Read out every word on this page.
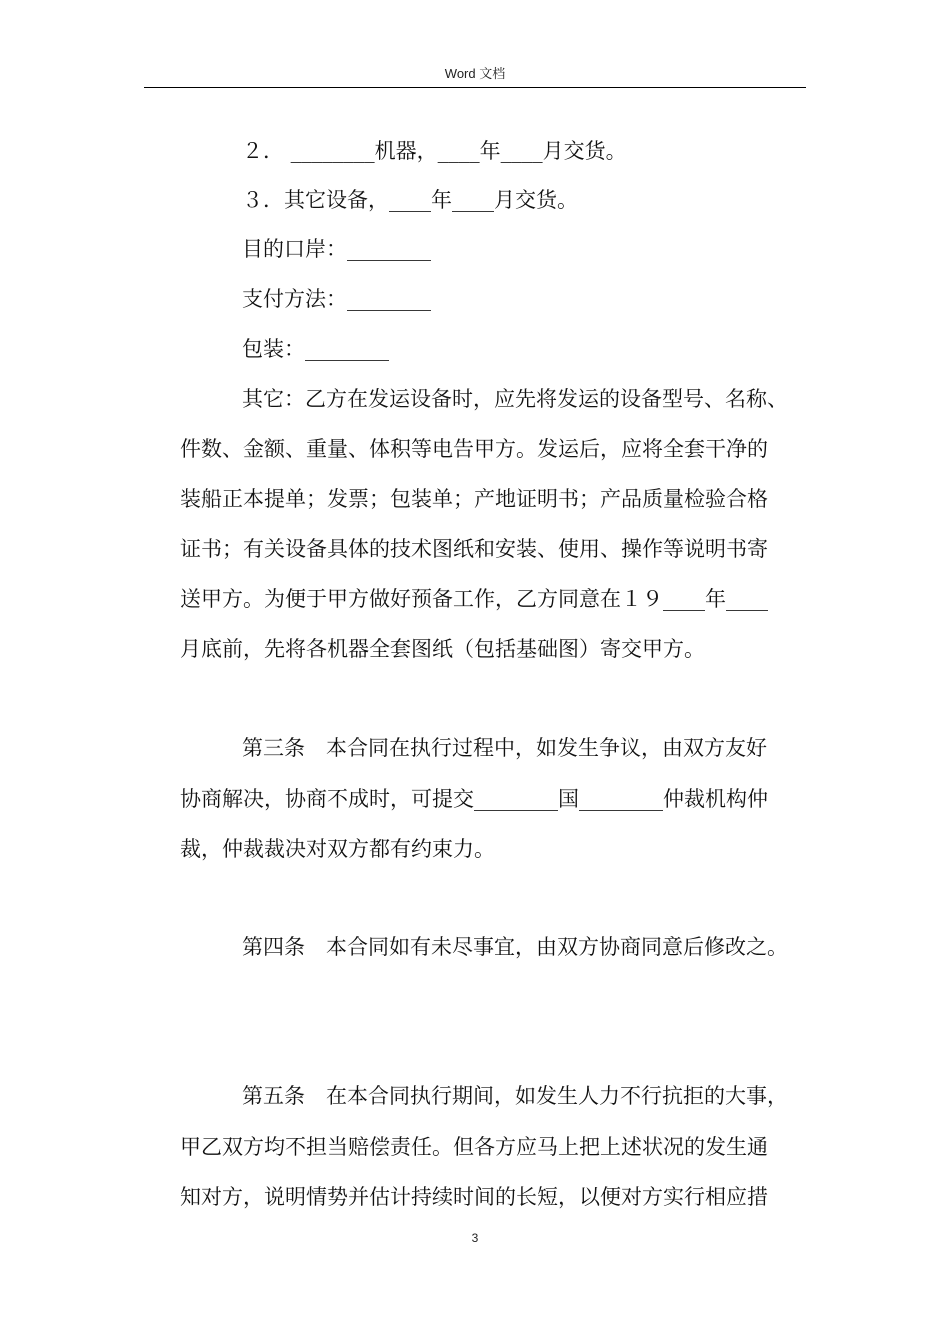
Word 文档
２． ________机器，____年____月交货。
３．其它设备，____年____月交货。
目的口岸：________
支付方法：________
包装：________
其它：乙方在发运设备时，应先将发运的设备型号、名称、
件数、金额、重量、体积等电告甲方。发运后，应将全套干净的
装船正本提单；发票；包装单；产地证明书；产品质量检验合格
证书；有关设备具体的技术图纸和安装、使用、操作等说明书寄
送甲方。为便于甲方做好预备工作，乙方同意在１９____年____
月底前，先将各机器全套图纸（包括基础图）寄交甲方。
第三条　本合同在执行过程中，如发生争议，由双方友好
协商解决，协商不成时，可提交________国________仲裁机构仲
裁，仲裁裁决对双方都有约束力。
第四条　本合同如有未尽事宜，由双方协商同意后修改之。
第五条　在本合同执行期间，如发生人力不行抗拒的大事，
甲乙双方均不担当赔偿责任。但各方应马上把上述状况的发生通
知对方，说明情势并估计持续时间的长短，以便对方实行相应措
3
